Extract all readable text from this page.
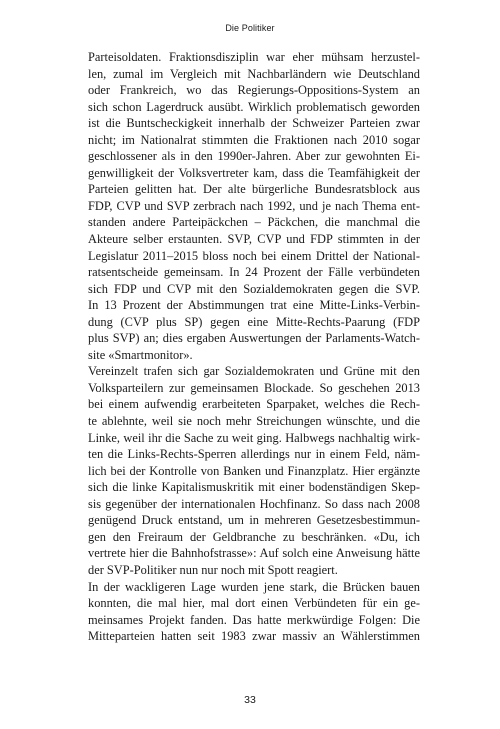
Die Politiker
Parteisoldaten. Fraktionsdisziplin war eher mühsam herzustel-
len, zumal im Vergleich mit Nachbarländern wie Deutschland
oder Frankreich, wo das Regierungs-Oppositions-System an
sich schon Lagerdruck ausübt. Wirklich problematisch geworden
ist die Buntscheckigkeit innerhalb der Schweizer Parteien zwar
nicht; im Nationalrat stimmten die Fraktionen nach 2010 sogar
geschlossener als in den 1990er-Jahren. Aber zur gewohnten Ei-
genwilligkeit der Volksvertreter kam, dass die Teamfähigkeit der
Parteien gelitten hat. Der alte bürgerliche Bundesratsblock aus
FDP, CVP und SVP zerbrach nach 1992, und je nach Thema ent-
standen andere Parteipäckchen – Päckchen, die manchmal die
Akteure selber erstaunten. SVP, CVP und FDP stimmten in der
Legislatur 2011–2015 bloss noch bei einem Drittel der National-
ratsentscheide gemeinsam. In 24 Prozent der Fälle verbündeten
sich FDP und CVP mit den Sozialdemokraten gegen die SVP.
In 13 Prozent der Abstimmungen trat eine Mitte-Links-Verbin-
dung (CVP plus SP) gegen eine Mitte-Rechts-Paarung (FDP
plus SVP) an; dies ergaben Auswertungen der Parlaments-Watch-
site «Smartmonitor».
Vereinzelt trafen sich gar Sozialdemokraten und Grüne mit den
Volksparteilern zur gemeinsamen Blockade. So geschehen 2013
bei einem aufwendig erarbeiteten Sparpaket, welches die Rech-
te ablehnte, weil sie noch mehr Streichungen wünschte, und die
Linke, weil ihr die Sache zu weit ging. Halbwegs nachhaltig wirk-
ten die Links-Rechts-Sperren allerdings nur in einem Feld, näm-
lich bei der Kontrolle von Banken und Finanzplatz. Hier ergänzte
sich die linke Kapitalismuskritik mit einer bodenständigen Skep-
sis gegenüber der internationalen Hochfinanz. So dass nach 2008
genügend Druck entstand, um in mehreren Gesetzesbestimmun-
gen den Freiraum der Geldbranche zu beschränken. «Du, ich
vertrete hier die Bahnhofstrasse»: Auf solch eine Anweisung hätte
der SVP-Politiker nun nur noch mit Spott reagiert.
In der wackligeren Lage wurden jene stark, die Brücken bauen
konnten, die mal hier, mal dort einen Verbündeten für ein ge-
meinsames Projekt fanden. Das hatte merkwürdige Folgen: Die
Mitteparteien hatten seit 1983 zwar massiv an Wählerstimmen
33
